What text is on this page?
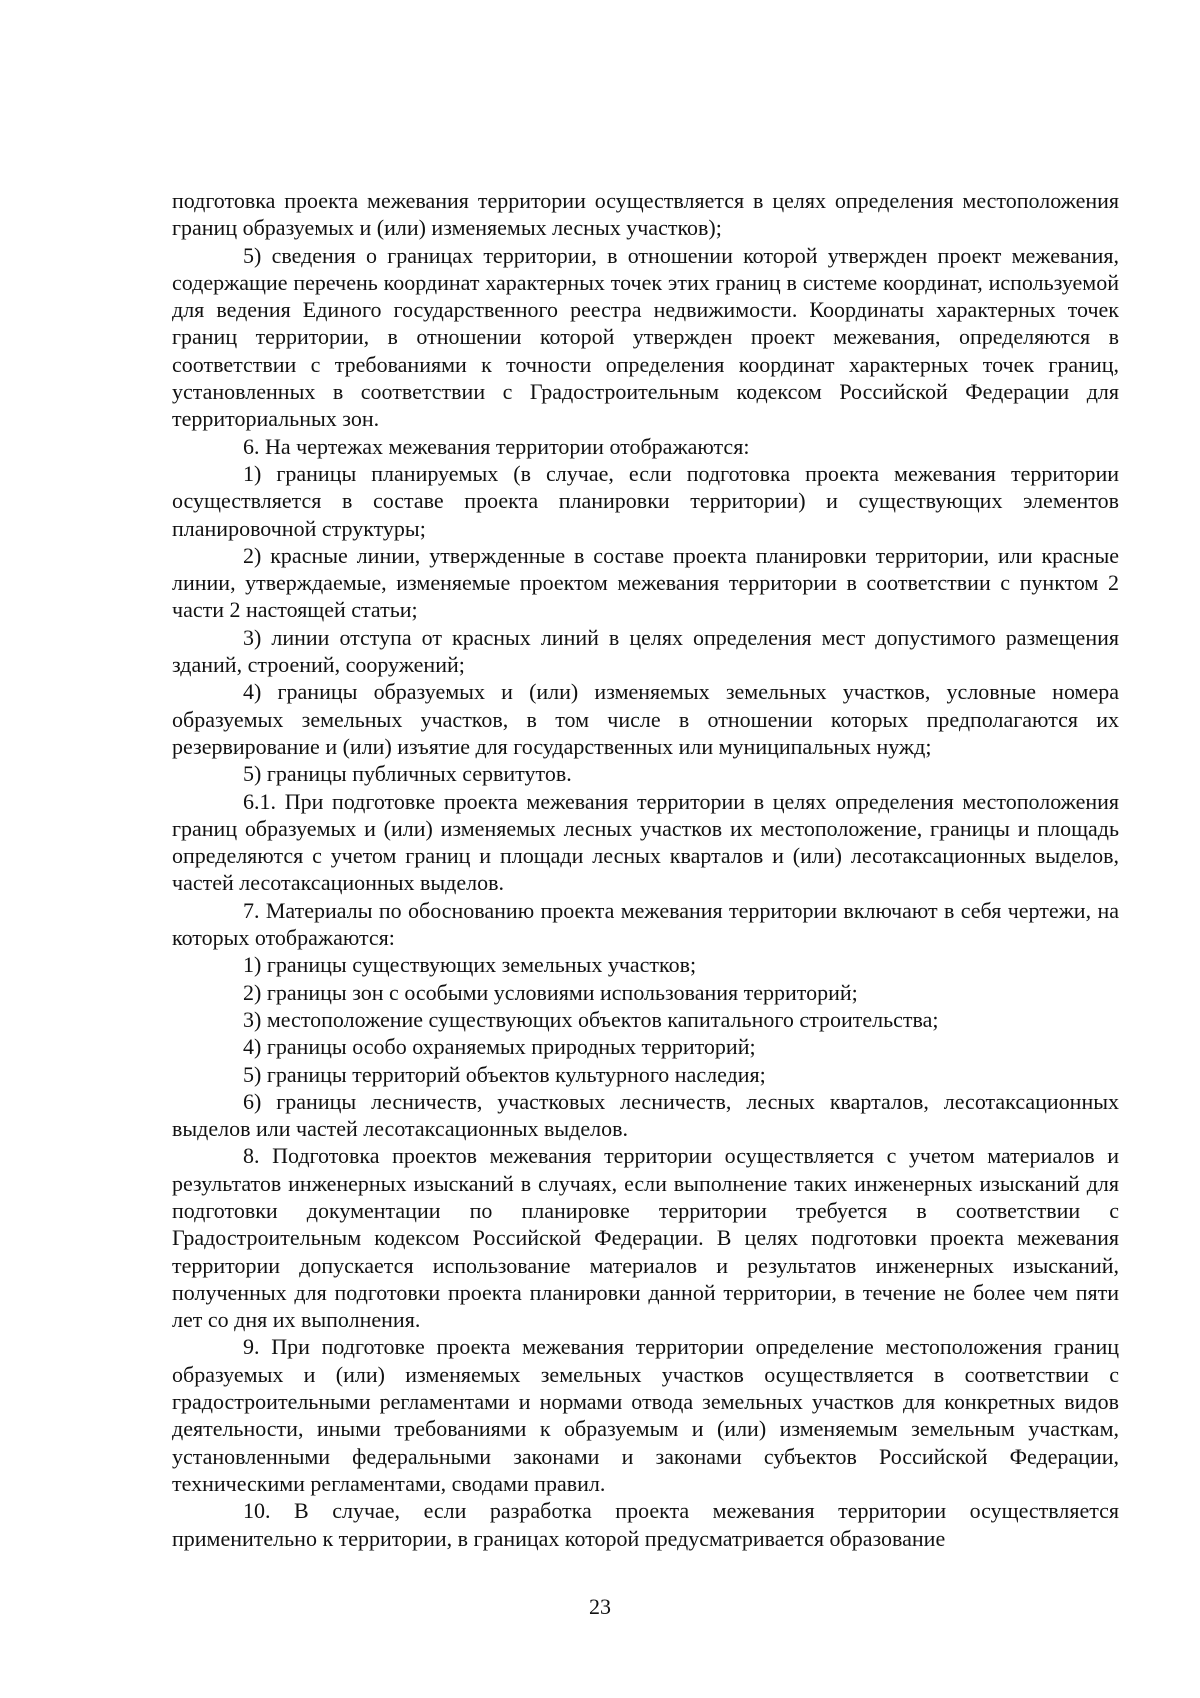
подготовка проекта межевания территории осуществляется в целях определения местоположения границ образуемых и (или) изменяемых лесных участков);

5) сведения о границах территории, в отношении которой утвержден проект межевания, содержащие перечень координат характерных точек этих границ в системе координат, используемой для ведения Единого государственного реестра недвижимости. Координаты характерных точек границ территории, в отношении которой утвержден проект межевания, определяются в соответствии с требованиями к точности определения координат характерных точек границ, установленных в соответствии с Градостроительным кодексом Российской Федерации для территориальных зон.

6. На чертежах межевания территории отображаются:

1) границы планируемых (в случае, если подготовка проекта межевания территории осуществляется в составе проекта планировки территории) и существующих элементов планировочной структуры;

2) красные линии, утвержденные в составе проекта планировки территории, или красные линии, утверждаемые, изменяемые проектом межевания территории в соответствии с пунктом 2 части 2 настоящей статьи;

3) линии отступа от красных линий в целях определения мест допустимого размещения зданий, строений, сооружений;

4) границы образуемых и (или) изменяемых земельных участков, условные номера образуемых земельных участков, в том числе в отношении которых предполагаются их резервирование и (или) изъятие для государственных или муниципальных нужд;

5) границы публичных сервитутов.

6.1. При подготовке проекта межевания территории в целях определения местоположения границ образуемых и (или) изменяемых лесных участков их местоположение, границы и площадь определяются с учетом границ и площади лесных кварталов и (или) лесотаксационных выделов, частей лесотаксационных выделов.

7. Материалы по обоснованию проекта межевания территории включают в себя чертежи, на которых отображаются:

1) границы существующих земельных участков;

2) границы зон с особыми условиями использования территорий;

3) местоположение существующих объектов капитального строительства;

4) границы особо охраняемых природных территорий;

5) границы территорий объектов культурного наследия;

6) границы лесничеств, участковых лесничеств, лесных кварталов, лесотаксационных выделов или частей лесотаксационных выделов.

8. Подготовка проектов межевания территории осуществляется с учетом материалов и результатов инженерных изысканий в случаях, если выполнение таких инженерных изысканий для подготовки документации по планировке территории требуется в соответствии с Градостроительным кодексом Российской Федерации. В целях подготовки проекта межевания территории допускается использование материалов и результатов инженерных изысканий, полученных для подготовки проекта планировки данной территории, в течение не более чем пяти лет со дня их выполнения.

9. При подготовке проекта межевания территории определение местоположения границ образуемых и (или) изменяемых земельных участков осуществляется в соответствии с градостроительными регламентами и нормами отвода земельных участков для конкретных видов деятельности, иными требованиями к образуемым и (или) изменяемым земельным участкам, установленными федеральными законами и законами субъектов Российской Федерации, техническими регламентами, сводами правил.

10. В случае, если разработка проекта межевания территории осуществляется применительно к территории, в границах которой предусматривается образование

23
